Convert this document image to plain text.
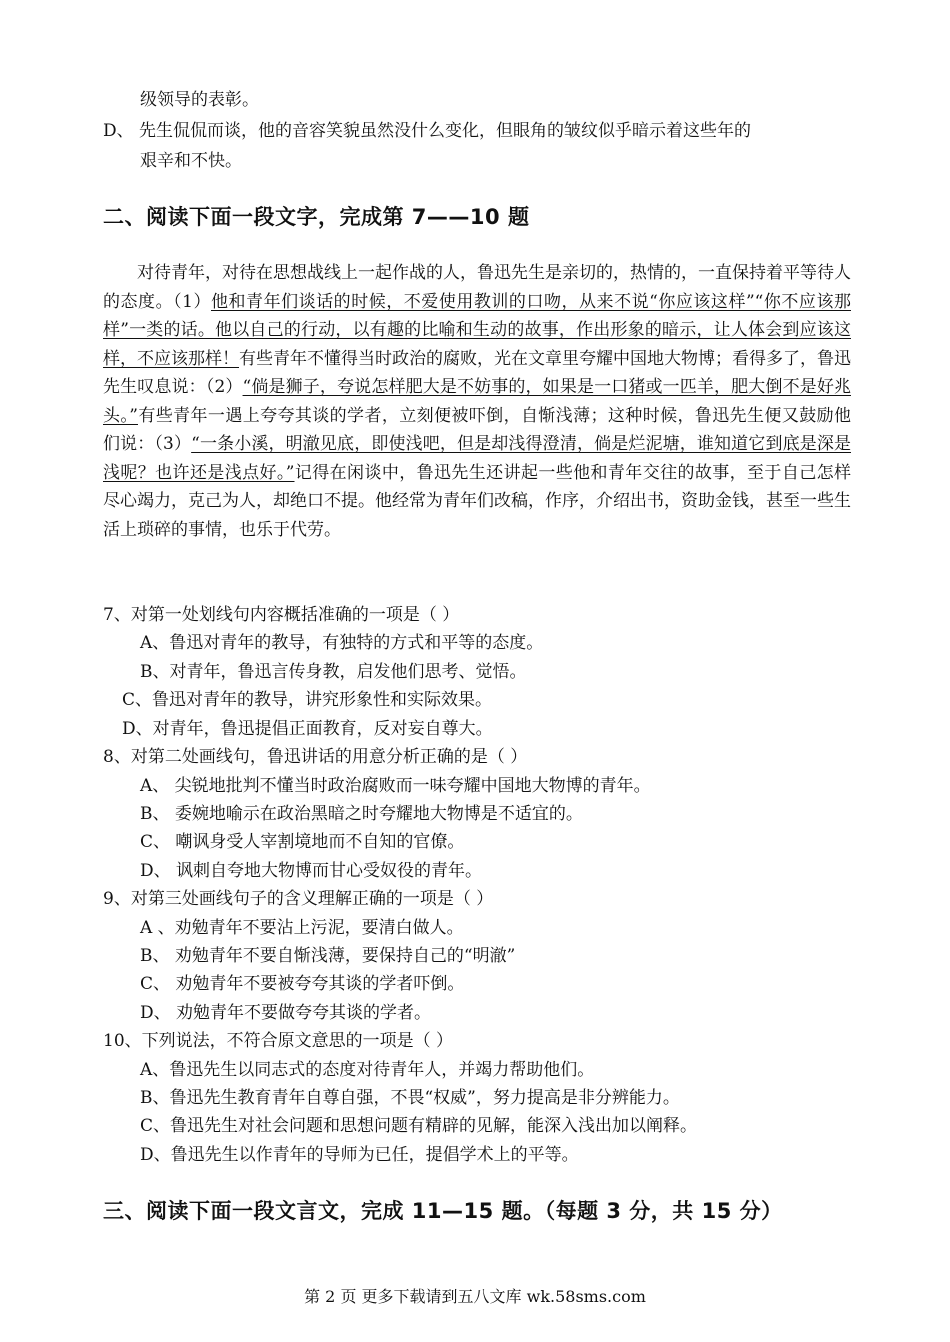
级领导的表彰。
D、 先生侃侃而谈，他的音容笑貌虽然没什么变化，但眼角的皱纹似乎暗示着这些年的
艰辛和不快。
二、阅读下面一段文字，完成第 7——10 题

对待青年，对待在思想战线上一起作战的人，鲁迅先生是亲切的，热情的，一直保持着平等待人的态度。（1）他和青年们谈话的时候，不爱使用教训的口吻，从来不说“你应该这样”“你不应该那样”一类的话。他以自己的行动，以有趣的比喻和生动的故事，作出形象的暗示，让人体会到应该这样，不应该那样！有些青年不懂得当时政治的腐败，光在文章里夸耀中国地大物博；看得多了，鲁迅先生叹息说：（2）“倘是狮子，夸说怎样肥大是不妨事的，如果是一口猪或一匹羊，肥大倒不是好兆头。”有些青年一遇上夸夸其谈的学者，立刻便被吓倒，自惭浅薄；这种时候，鲁迅先生便又鼓励他们说：（3）“一条小溪，明澈见底，即使浅吧，但是却浅得澄清，倘是烂泥塘，谁知道它到底是深是浅呢？也许还是浅点好。”记得在闲谈中，鲁迅先生还讲起一些他和青年交往的故事，至于自己怎样尽心竭力，克己为人，却绝口不提。他经常为青年们改稿，作序，介绍出书，资助金钱，甚至一些生活上琐碎的事情，也乐于代劳。

7、对第一处划线句内容概括准确的一项是（ ）
A、鲁迅对青年的教导，有独特的方式和平等的态度。
B、对青年，鲁迅言传身教，启发他们思考、觉悟。
C、鲁迅对青年的教导，讲究形象性和实际效果。
D、对青年，鲁迅提倡正面教育，反对妄自尊大。
8、对第二处画线句，鲁迅讲话的用意分析正确的是（ ）
A、 尖锐地批判不懂当时政治腐败而一味夸耀中国地大物博的青年。
B、 委婉地喻示在政治黑暗之时夸耀地大物博是不适宜的。
C、 嘲讽身受人宰割境地而不自知的官僚。
D、 讽刺自夸地大物博而甘心受奴役的青年。
9、对第三处画线句子的含义理解正确的一项是（ ）
A 、劝勉青年不要沾上污泥，要清白做人。
B、 劝勉青年不要自惭浅薄，要保持自己的“明澈”
C、 劝勉青年不要被夸夸其谈的学者吓倒。
D、 劝勉青年不要做夸夸其谈的学者。
10、下列说法，不符合原文意思的一项是（ ）
A、鲁迅先生以同志式的态度对待青年人，并竭力帮助他们。
B、鲁迅先生教育青年自尊自强，不畏“权威”，努力提高是非分辨能力。
C、鲁迅先生对社会问题和思想问题有精辟的见解，能深入浅出加以阐释。
D、鲁迅先生以作青年的导师为已任，提倡学术上的平等。
三、阅读下面一段文言文，完成 11—15 题。（每题 3 分，共 15 分）
第 2 页 更多下载请到五八文库 wk.58sms.com
